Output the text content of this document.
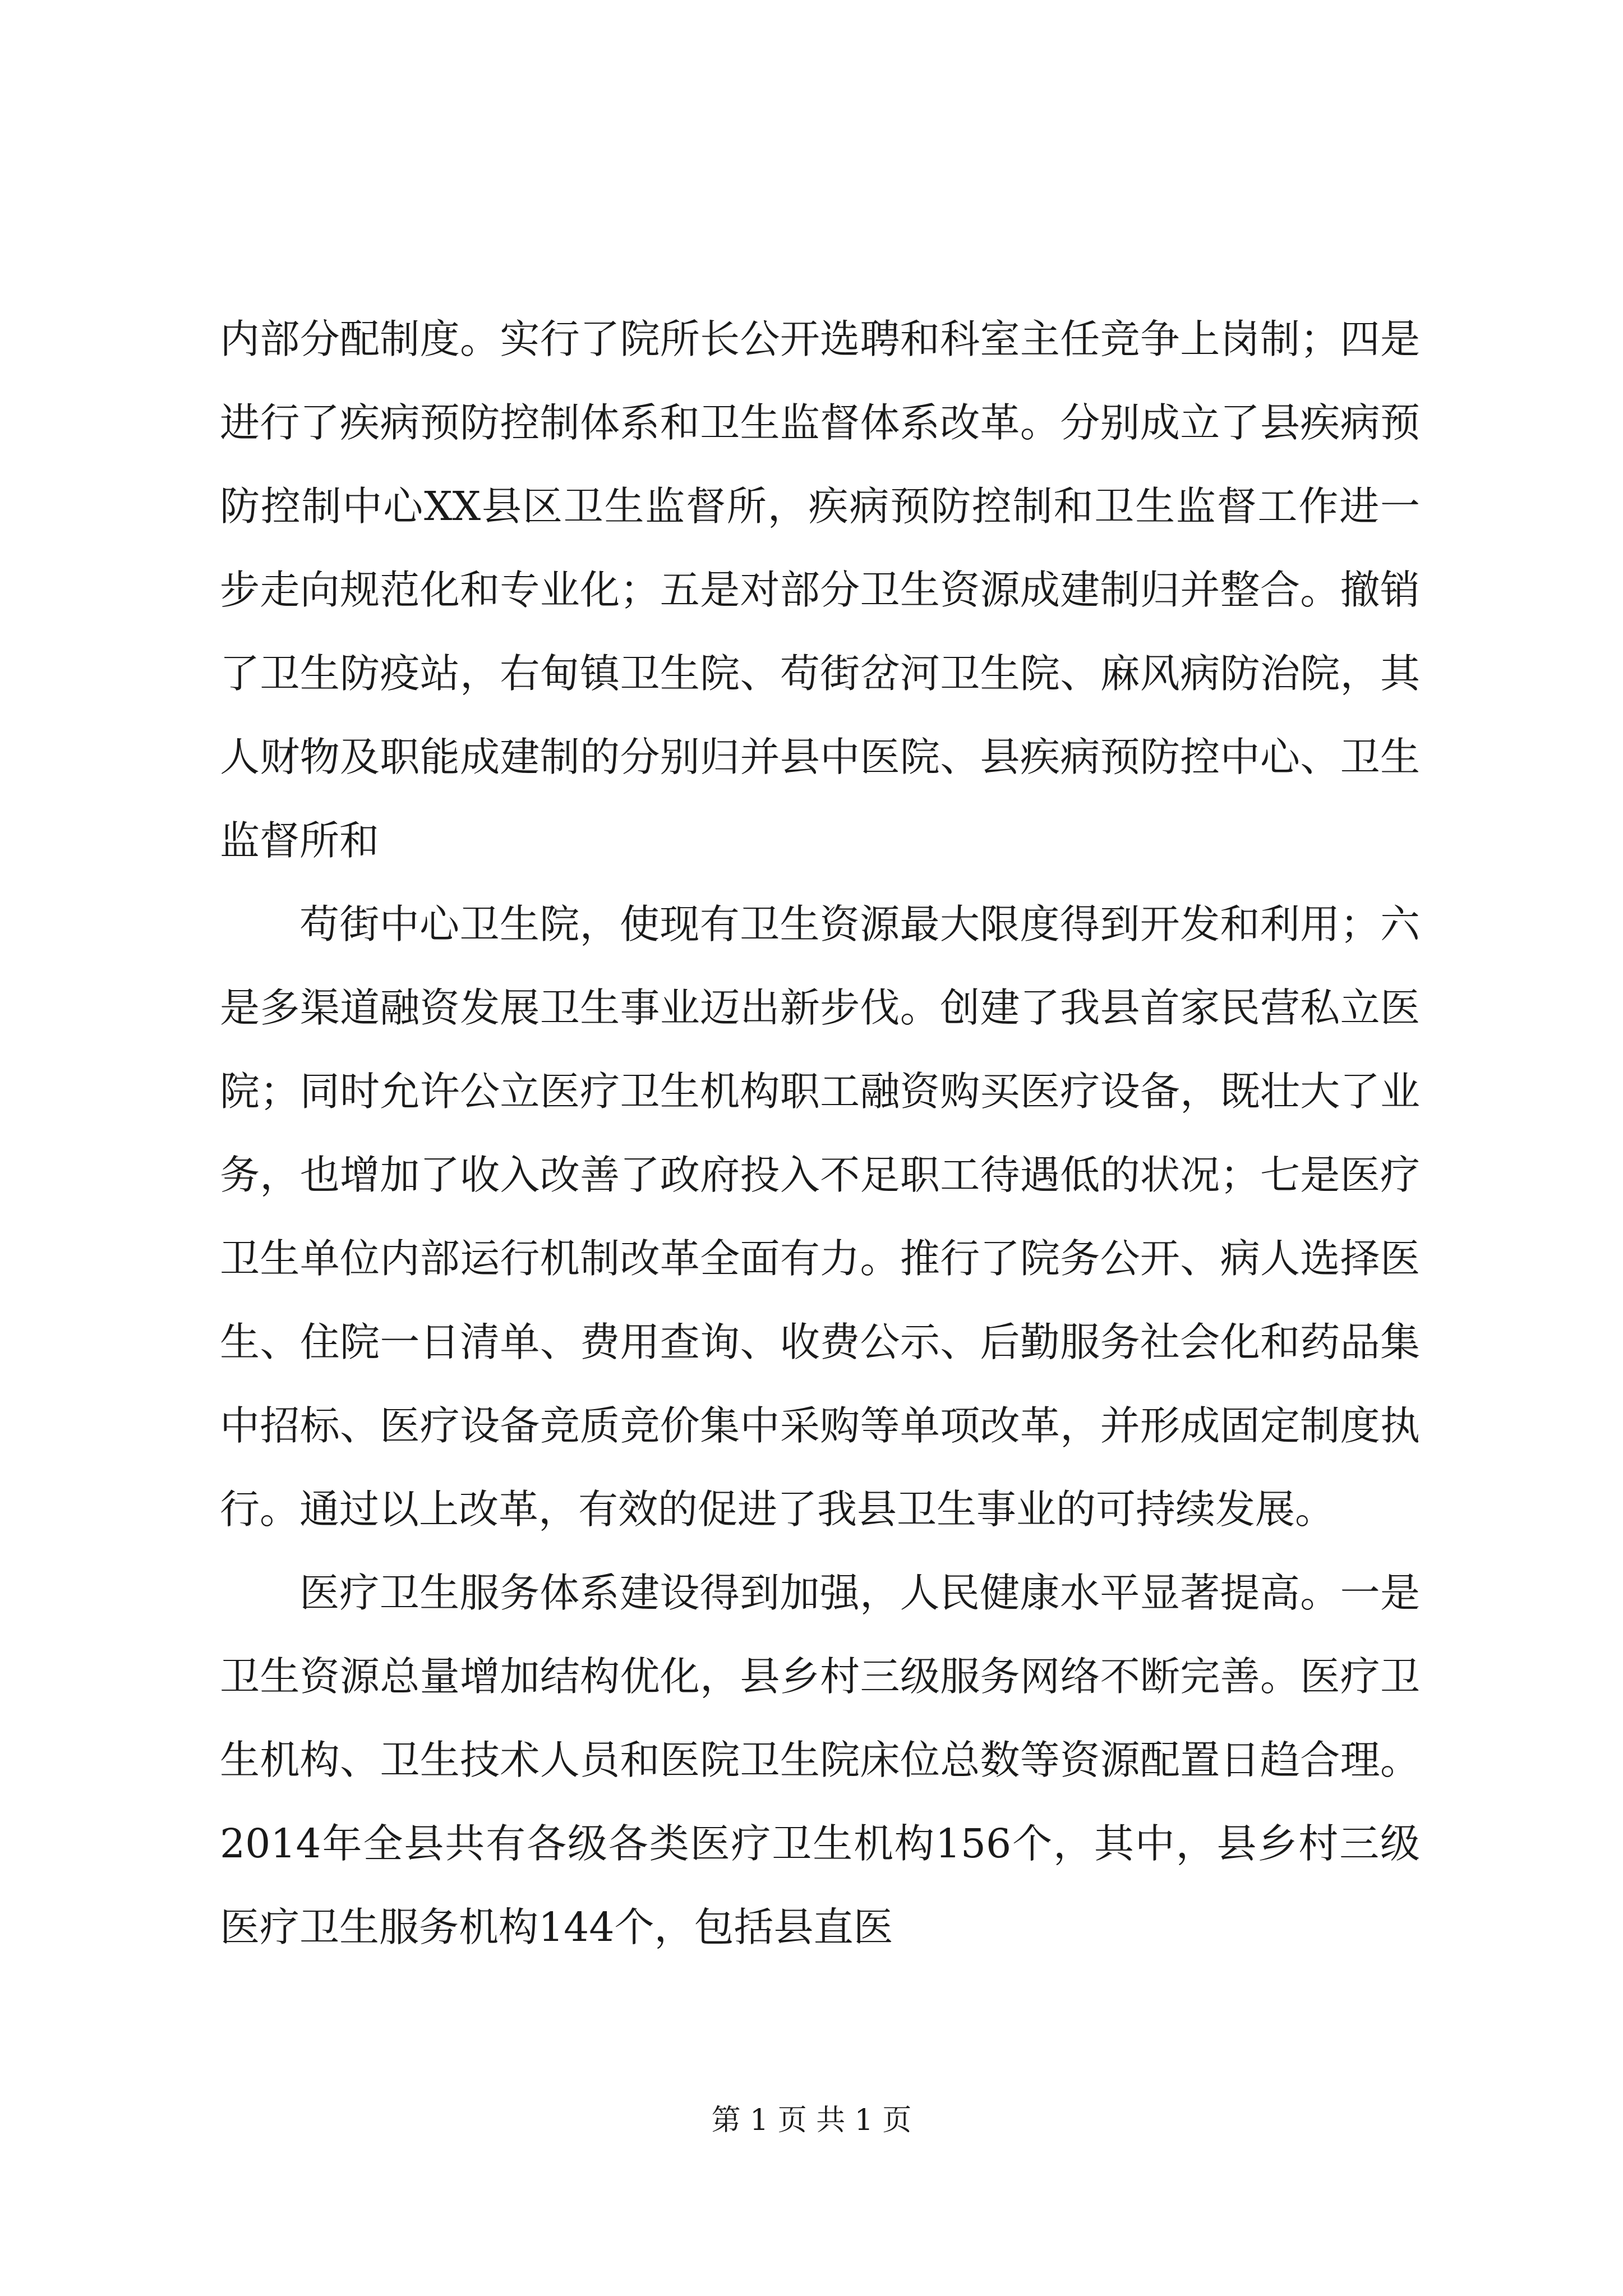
内部分配制度。实行了院所长公开选聘和科室主任竞争上岗制；四是进行了疾病预防控制体系和卫生监督体系改革。分别成立了县疾病预防控制中心XX县区卫生监督所，疾病预防控制和卫生监督工作进一步走向规范化和专业化；五是对部分卫生资源成建制归并整合。撤销了卫生防疫站，右甸镇卫生院、苟街岔河卫生院、麻风病防治院，其人财物及职能成建制的分别归并县中医院、县疾病预防控中心、卫生监督所和

苟街中心卫生院，使现有卫生资源最大限度得到开发和利用；六是多渠道融资发展卫生事业迈出新步伐。创建了我县首家民营私立医院；同时允许公立医疗卫生机构职工融资购买医疗设备，既壮大了业务，也增加了收入改善了政府投入不足职工待遇低的状况；七是医疗卫生单位内部运行机制改革全面有力。推行了院务公开、病人选择医生、住院一日清单、费用查询、收费公示、后勤服务社会化和药品集中招标、医疗设备竞质竞价集中采购等单项改革，并形成固定制度执行。通过以上改革，有效的促进了我县卫生事业的可持续发展。

医疗卫生服务体系建设得到加强，人民健康水平显著提高。一是卫生资源总量增加结构优化，县乡村三级服务网络不断完善。医疗卫生机构、卫生技术人员和医院卫生院床位总数等资源配置日趋合理。2014年全县共有各级各类医疗卫生机构156个，其中，县乡村三级医疗卫生服务机构144个，包括县直医

第 1 页 共 1 页
